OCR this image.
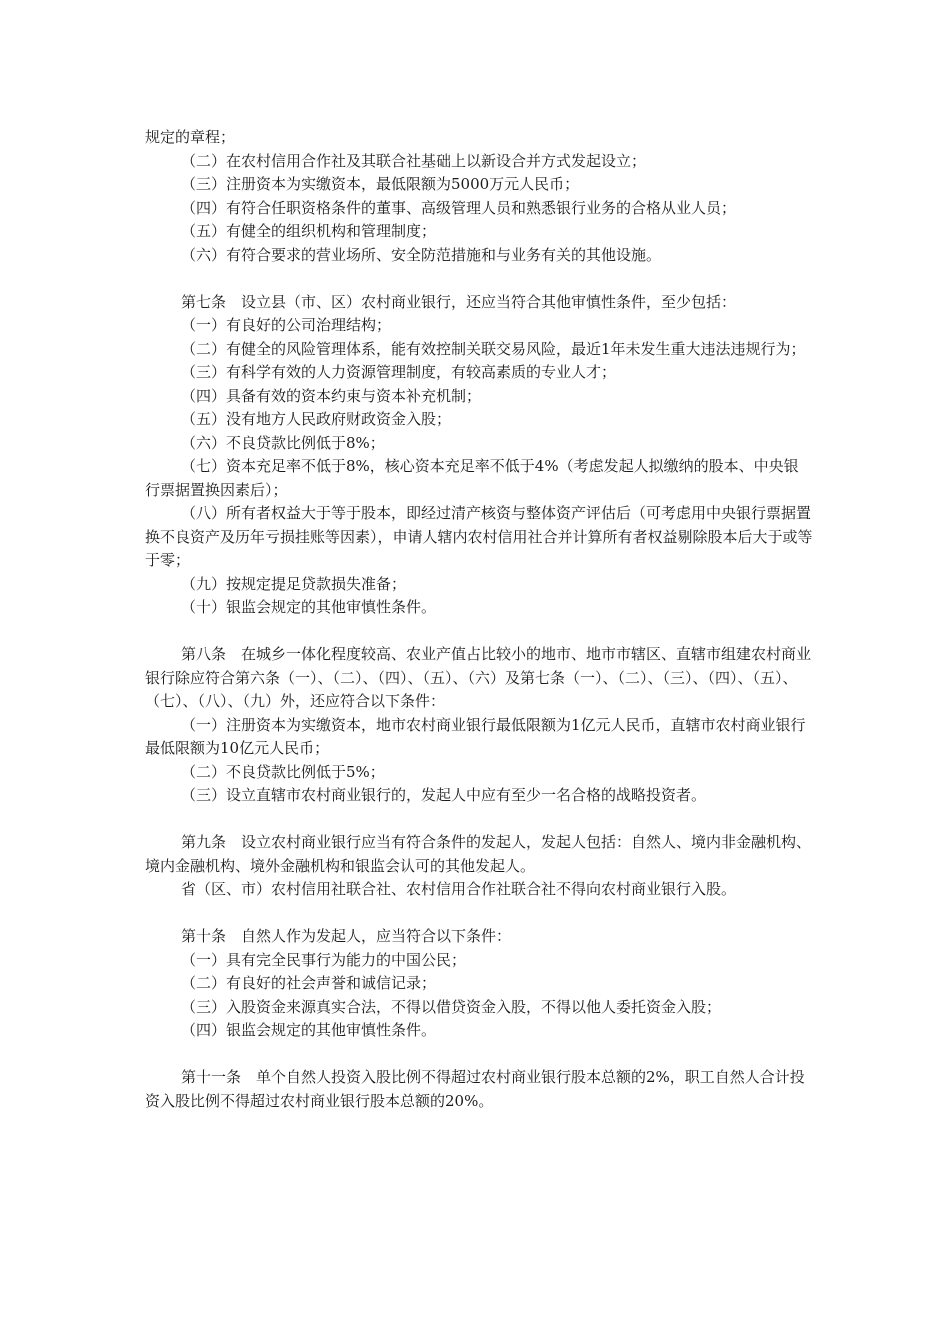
规定的章程；

（二）在农村信用合作社及其联合社基础上以新设合并方式发起设立；

（三）注册资本为实缴资本，最低限额为5000万元人民币；

（四）有符合任职资格条件的董事、高级管理人员和熟悉银行业务的合格从业人员；

（五）有健全的组织机构和管理制度；

（六）有符合要求的营业场所、安全防范措施和与业务有关的其他设施。

第七条　设立县（市、区）农村商业银行，还应当符合其他审慎性条件，至少包括：

（一）有良好的公司治理结构；

（二）有健全的风险管理体系，能有效控制关联交易风险，最近1年未发生重大违法违规行为；

（三）有科学有效的人力资源管理制度，有较高素质的专业人才；

（四）具备有效的资本约束与资本补充机制；

（五）没有地方人民政府财政资金入股；

（六）不良贷款比例低于8%；

（七）资本充足率不低于8%，核心资本充足率不低于4%（考虑发起人拟缴纳的股本、中央银行票据置换因素后）；

（八）所有者权益大于等于股本，即经过清产核资与整体资产评估后（可考虑用中央银行票据置换不良资产及历年亏损挂账等因素），申请人辖内农村信用社合并计算所有者权益剔除股本后大于或等于零；

（九）按规定提足贷款损失准备；

（十）银监会规定的其他审慎性条件。

第八条　在城乡一体化程度较高、农业产值占比较小的地市、地市市辖区、直辖市组建农村商业银行除应符合第六条（一）、（二）、（四）、（五）、（六）及第七条（一）、（二）、（三）、（四）、（五）、（七）、（八）、（九）外，还应符合以下条件：

（一）注册资本为实缴资本，地市农村商业银行最低限额为1亿元人民币，直辖市农村商业银行最低限额为10亿元人民币；

（二）不良贷款比例低于5%；

（三）设立直辖市农村商业银行的，发起人中应有至少一名合格的战略投资者。

第九条　设立农村商业银行应当有符合条件的发起人，发起人包括：自然人、境内非金融机构、境内金融机构、境外金融机构和银监会认可的其他发起人。

省（区、市）农村信用社联合社、农村信用合作社联合社不得向农村商业银行入股。

第十条　自然人作为发起人，应当符合以下条件：

（一）具有完全民事行为能力的中国公民；

（二）有良好的社会声誉和诚信记录；

（三）入股资金来源真实合法，不得以借贷资金入股，不得以他人委托资金入股；

（四）银监会规定的其他审慎性条件。

第十一条　单个自然人投资入股比例不得超过农村商业银行股本总额的2%，职工自然人合计投资入股比例不得超过农村商业银行股本总额的20%。
